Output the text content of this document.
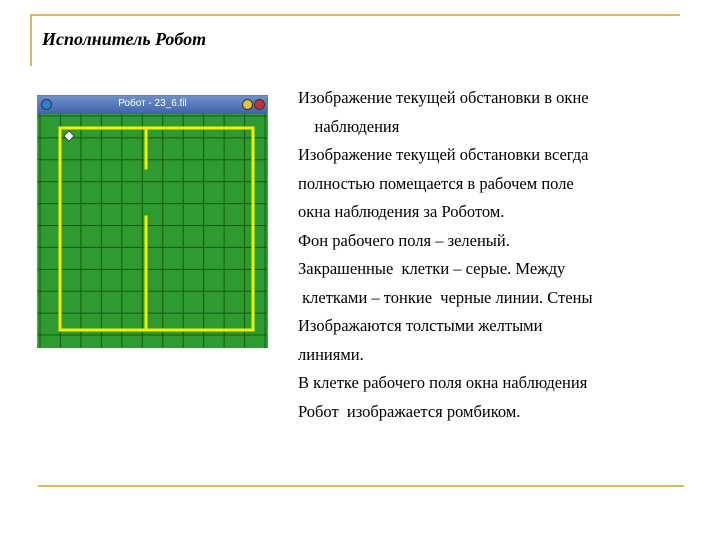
Исполнитель Робот
Робот - 23_6.fil	Изображение текущей обстановки в окне
наблюдения
Изображение текущей обстановки всегда
полностью помещается в рабочем поле
окна наблюдения за Роботом.
Фон рабочего поля – зеленый.
Закрашенные  клетки – серые. Между
клетками – тонкие  черные линии. Стены
Изображаются толстыми желтыми
линиями.
В клетке рабочего поля окна наблюдения
Робот  изображается ромбиком.
